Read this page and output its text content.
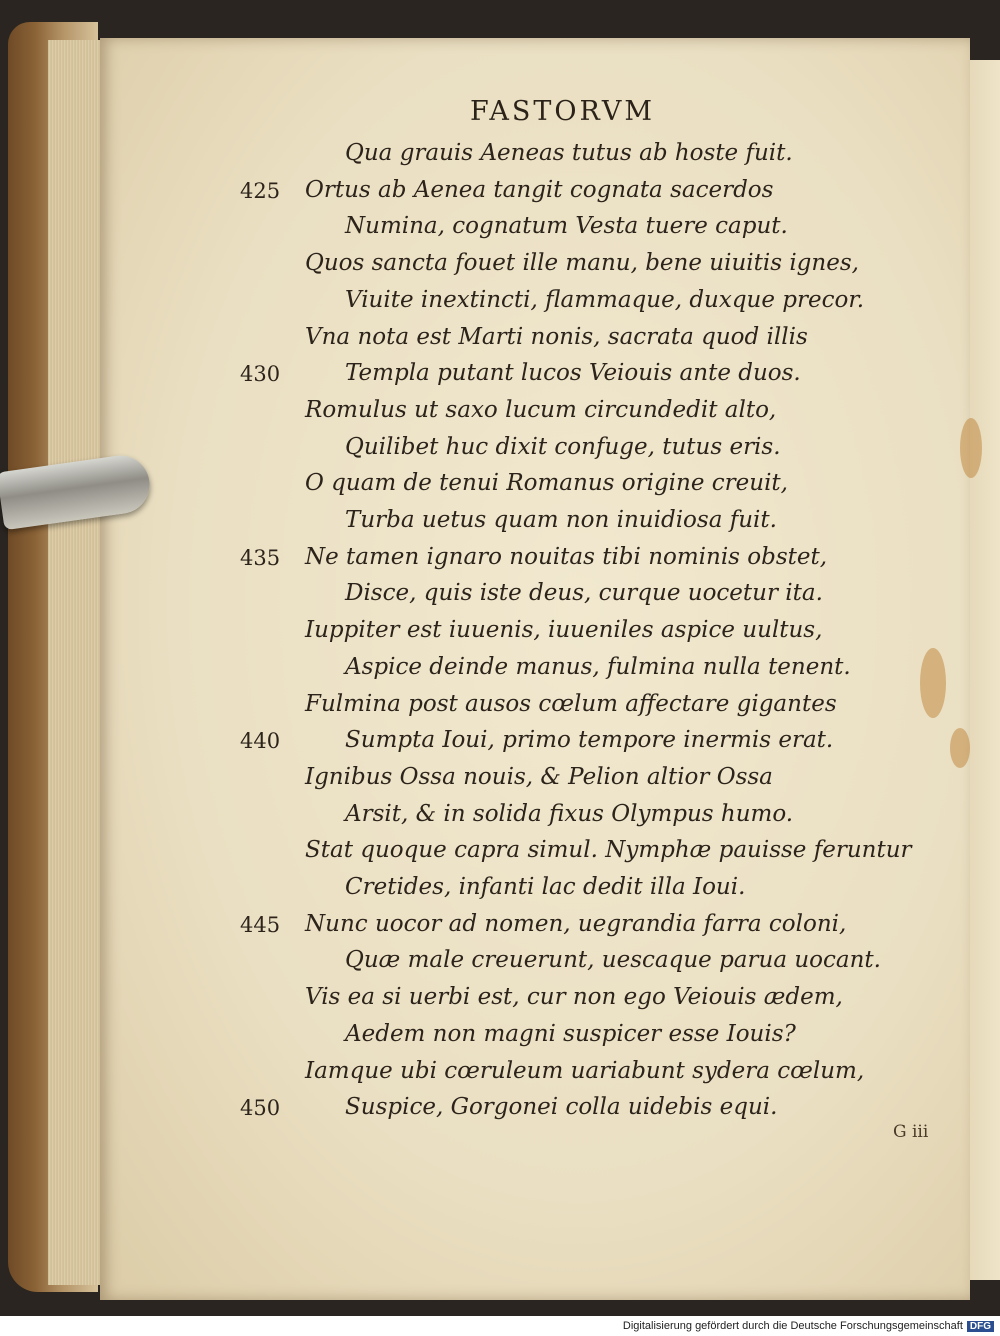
FASTORVM
Qua grauis Aeneas tutus ab hoste fuit.
Ortus ab Aenea tangit cognata sacerdos
425
Numina, cognatum Vesta tuere caput.
Quos sancta fouet ille manu, bene uiuitis ignes,
Viuite inextincti, flammaque, duxque precor.
Vna nota est Marti nonis, sacrata quod illis
Templa putant lucos Veiouis ante duos.
430
Romulus ut saxo lucum circundedit alto,
Quilibet huc dixit confuge, tutus eris.
O quam de tenui Romanus origine creuit,
Turba uetus quam non inuidiosa fuit.
Ne tamen ignaro nouitas tibi nominis obstet,
435
Disce, quis iste deus, curque uocetur ita.
Iuppiter est iuuenis, iuueniles aspice uultus,
Aspice deinde manus, fulmina nulla tenent.
Fulmina post ausos cœlum affectare gigantes
Sumpta Ioui, primo tempore inermis erat.
440
Ignibus Ossa nouis, & Pelion altior Ossa
Arsit, & in solida fixus Olympus humo.
Stat quoque capra simul. Nymphæ pauisse feruntur
Cretides, infanti lac dedit illa Ioui.
Nunc uocor ad nomen, uegrandia farra coloni,
445
Quæ male creuerunt, uescaque parua uocant.
Vis ea si uerbi est, cur non ego Veiouis ædem,
Aedem non magni suspicer esse Iouis?
Iamque ubi cœruleum uariabunt sydera cœlum,
Suspice, Gorgonei colla uidebis equi.
450
G iii
Digitalisierung gefördert durch die Deutsche Forschungsgemeinschaft DFG
